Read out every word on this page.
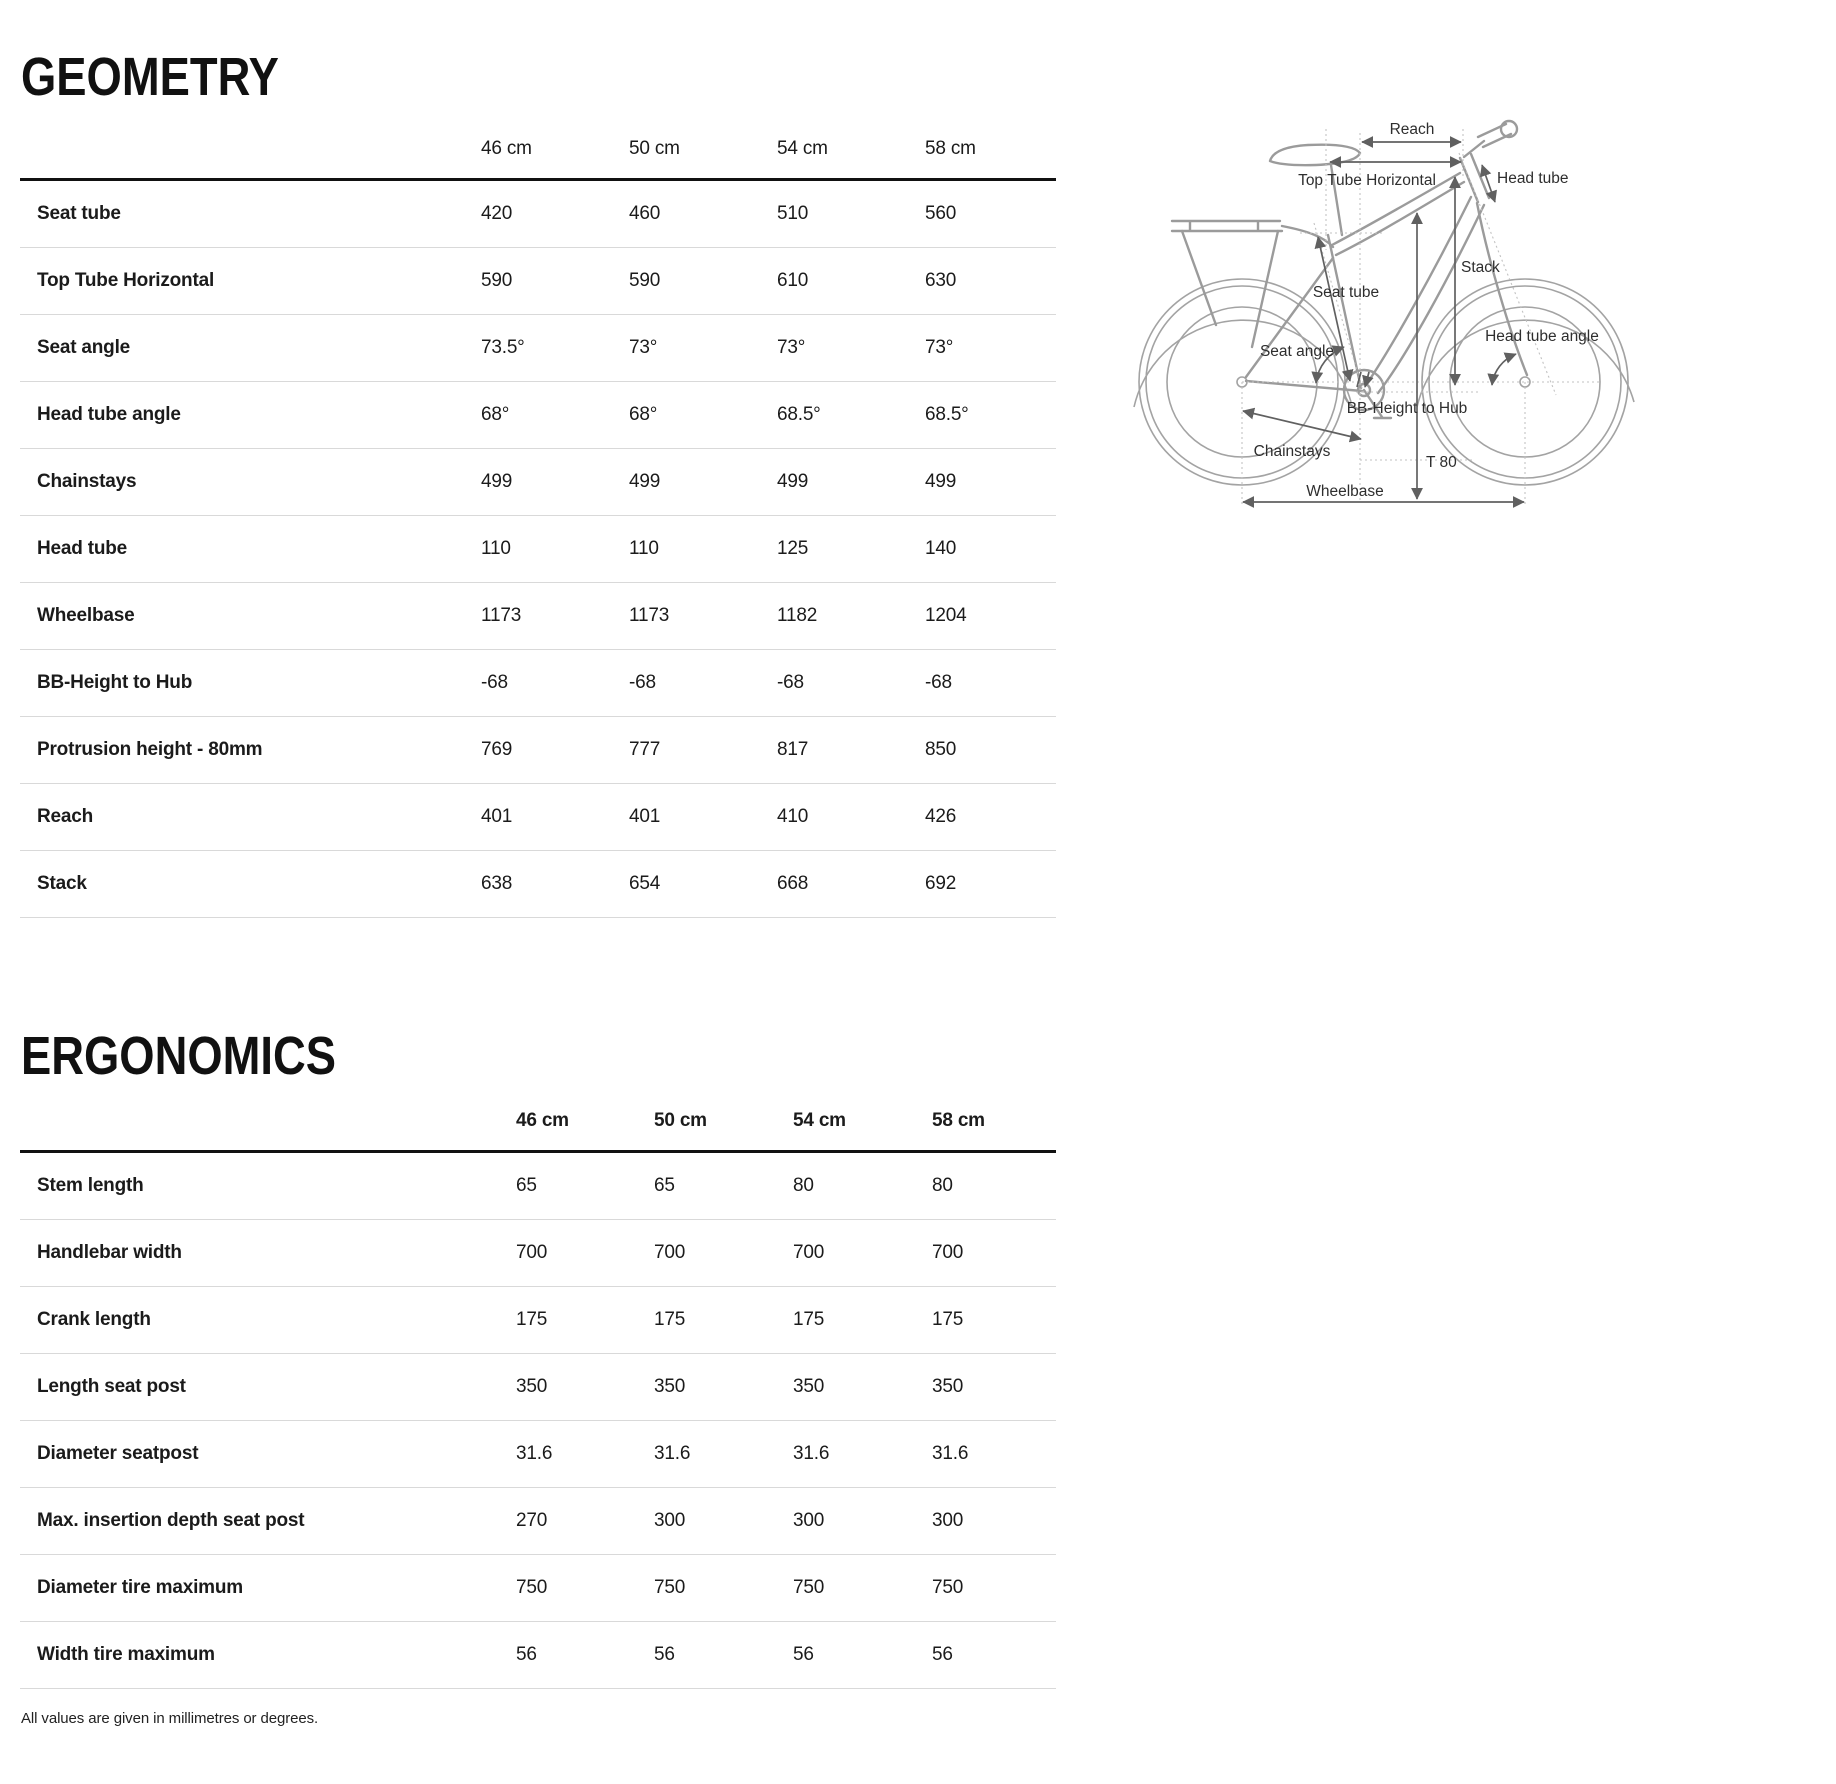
GEOMETRY
46 cm	50 cm	54 cm	58 cm
Seat tube	420	460	510	560
Top Tube Horizontal	590	590	610	630
Seat angle	73.5°	73°	73°	73°
Head tube angle	68°	68°	68.5°	68.5°
Chainstays	499	499	499	499
Head tube	110	110	125	140
Wheelbase	1173	1173	1182	1204
BB-Height to Hub	-68	-68	-68	-68
Protrusion height - 80mm	769	777	817	850
Reach	401	401	410	426
Stack	638	654	668	692
Reach
Top Tube Horizontal	Head tube
Stack
Seat tube
Seat angle
Head tube angle
BB-Height to Hub
Chainstays
T 80
Wheelbase
ERGONOMICS
46 cm	50 cm	54 cm	58 cm
Stem length	65	65	80	80
Handlebar width	700	700	700	700
Crank length	175	175	175	175
Length seat post	350	350	350	350
Diameter seatpost	31.6	31.6	31.6	31.6
Max. insertion depth seat post	270	300	300	300
Diameter tire maximum	750	750	750	750
Width tire maximum	56	56	56	56
All values are given in millimetres or degrees.
